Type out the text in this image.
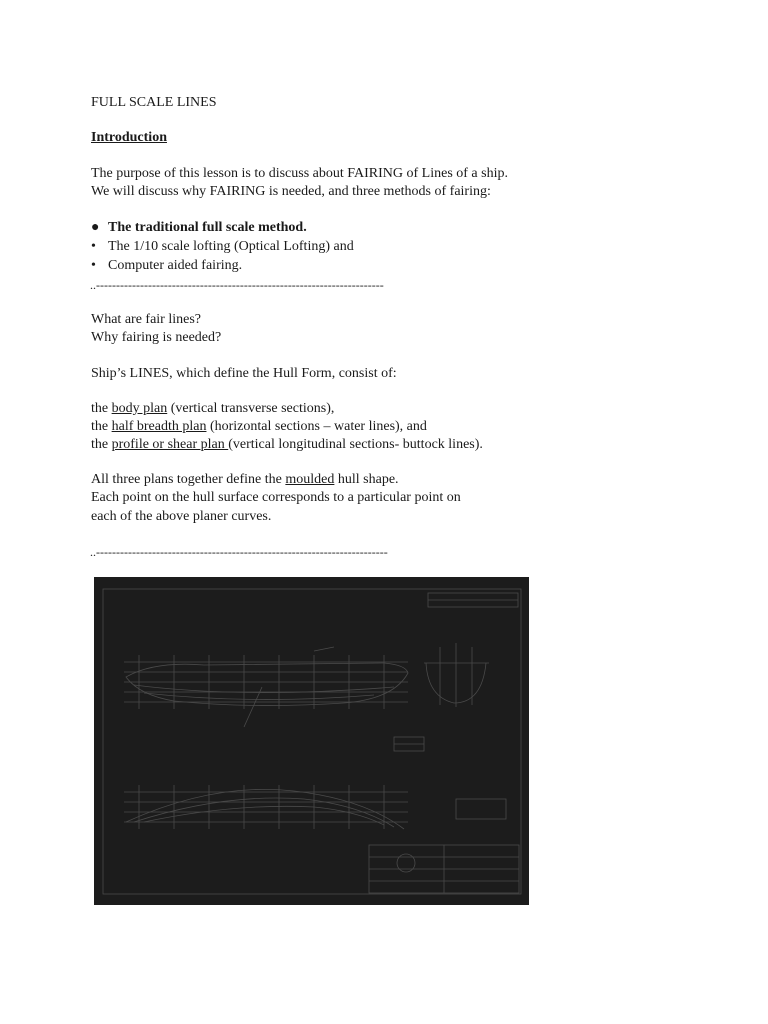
FULL SCALE LINES
Introduction
The purpose of this lesson is to discuss about FAIRING of Lines of a ship.
We will discuss why FAIRING is needed, and three methods of fairing:
● The traditional full scale method.
• The 1/10 scale lofting (Optical Lofting) and
• Computer aided fairing.
..------------------------------------------------------------------------
What are fair lines?
Why fairing is needed?
Ship’s LINES, which define the Hull Form, consist of:
the body plan (vertical transverse sections),
the half breadth plan (horizontal sections – water lines), and
the profile or shear plan (vertical longitudinal sections- buttock lines).
All three plans together define the moulded hull shape.
Each point on the hull surface corresponds to a particular point on
each of the above planer curves.
..-------------------------------------------------------------------------
